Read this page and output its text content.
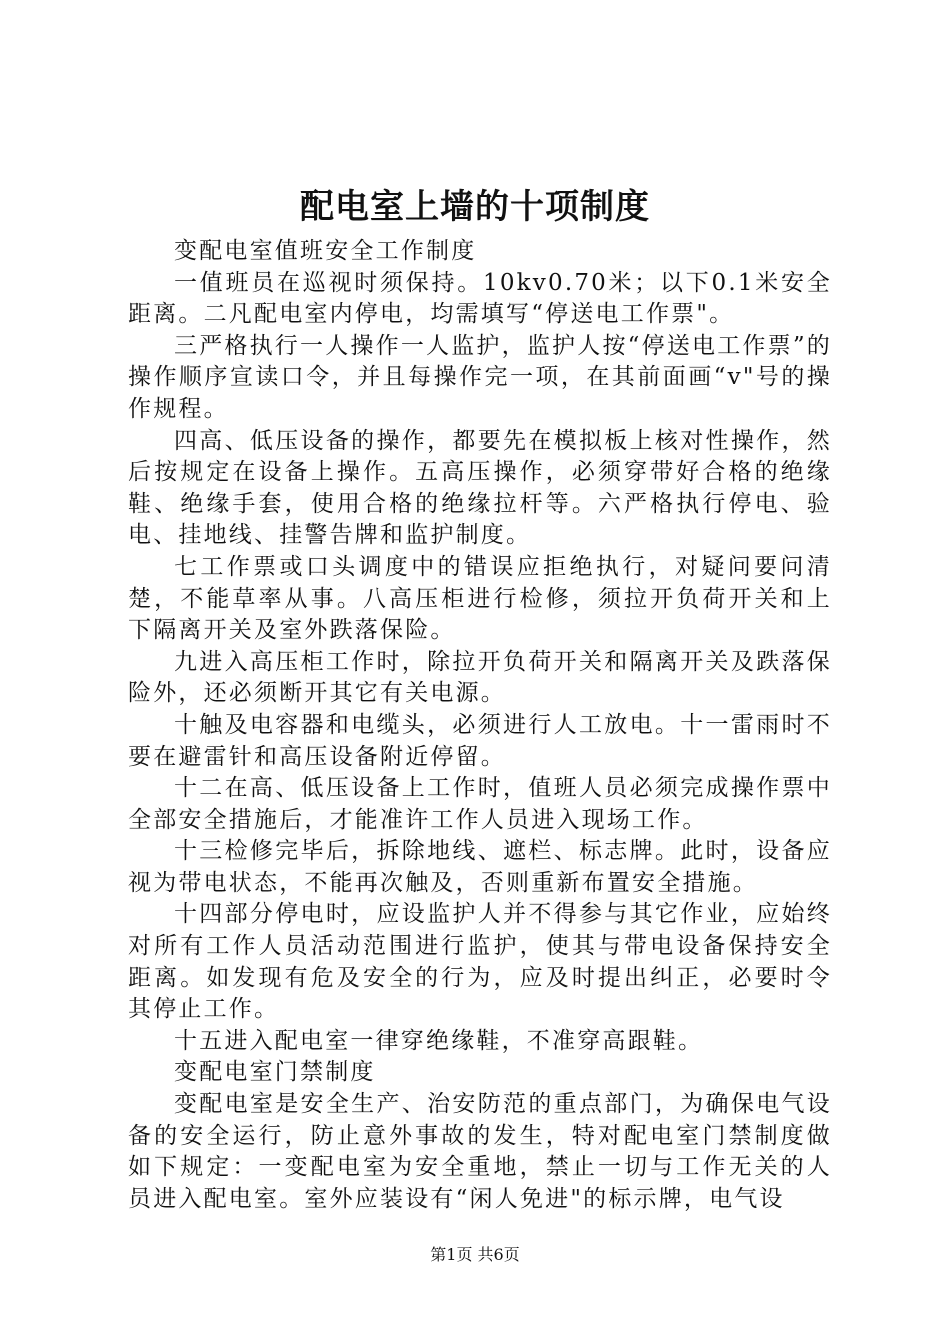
配电室上墙的十项制度

变配电室值班安全工作制度

一值班员在巡视时须保持。10kv0.70米；以下0.1米安全距离。二凡配电室内停电，均需填写“停送电工作票"。

三严格执行一人操作一人监护，监护人按“停送电工作票”的操作顺序宣读口令，并且每操作完一项，在其前面画“v"号的操作规程。

四高、低压设备的操作，都要先在模拟板上核对性操作，然后按规定在设备上操作。五高压操作，必须穿带好合格的绝缘鞋、绝缘手套，使用合格的绝缘拉杆等。六严格执行停电、验电、挂地线、挂警告牌和监护制度。

七工作票或口头调度中的错误应拒绝执行，对疑问要问清楚，不能草率从事。八高压柜进行检修，须拉开负荷开关和上下隔离开关及室外跌落保险。

九进入高压柜工作时，除拉开负荷开关和隔离开关及跌落保险外，还必须断开其它有关电源。

十触及电容器和电缆头，必须进行人工放电。十一雷雨时不要在避雷针和高压设备附近停留。

十二在高、低压设备上工作时，值班人员必须完成操作票中全部安全措施后，才能准许工作人员进入现场工作。

十三检修完毕后，拆除地线、遮栏、标志牌。此时，设备应视为带电状态，不能再次触及，否则重新布置安全措施。

十四部分停电时，应设监护人并不得参与其它作业，应始终对所有工作人员活动范围进行监护，使其与带电设备保持安全距离。如发现有危及安全的行为，应及时提出纠正，必要时令其停止工作。

十五进入配电室一律穿绝缘鞋，不准穿高跟鞋。

变配电室门禁制度

变配电室是安全生产、治安防范的重点部门，为确保电气设备的安全运行，防止意外事故的发生，特对配电室门禁制度做如下规定：一变配电室为安全重地，禁止一切与工作无关的人员进入配电室。室外应装设有“闲人免进"的标示牌，电气设

第1页 共6页
